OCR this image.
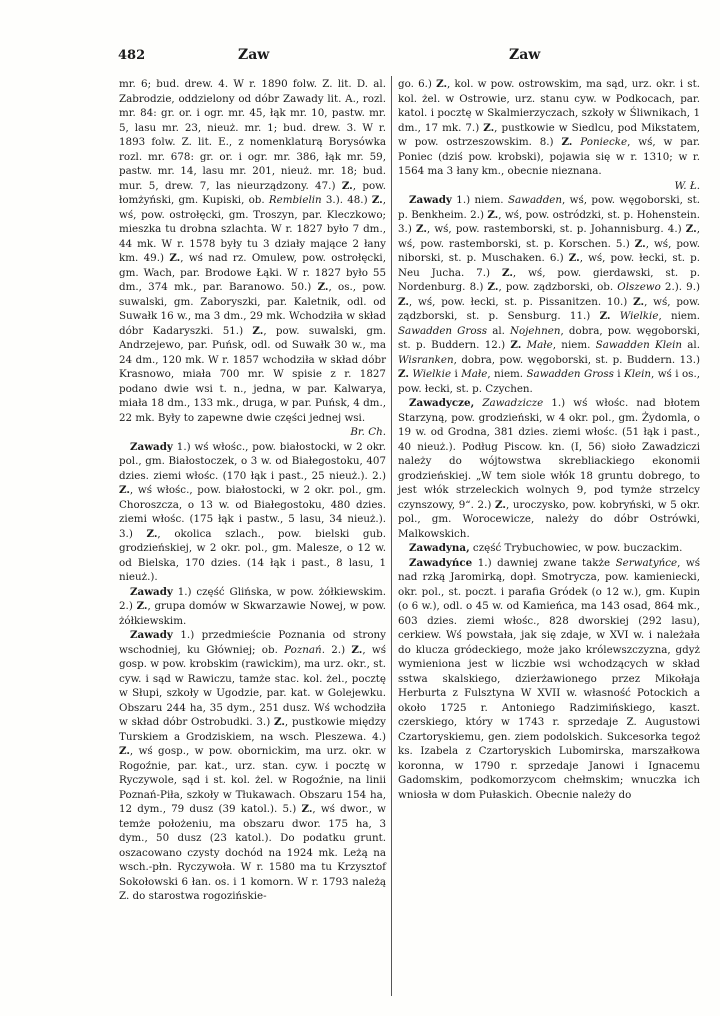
482	Zaw	Zaw

mr. 6; bud. drew. 4. W r. 1890 folw. Z. lit. D. al. Zabrodzie, oddzielony od dóbr Zawady lit. A., rozl. mr. 84: gr. or. i ogr. mr. 45, łąk mr. 10, pastw. mr. 5, lasu mr. 23, nieuż. mr. 1; bud. drew. 3. W r. 1893 folw. Z. lit. E., z nomenklaturą Borysówka rozl. mr. 678: gr. or. i ogr. mr. 386, łąk mr. 59, pastw. mr. 14, lasu mr. 201, nieuż. mr. 18; bud. mur. 5, drew. 7, las nieurządzony. 47.) Z., pow. łomżyński, gm. Kupiski, ob. Rembielin 3.). 48.) Z., wś, pow. ostrołęcki, gm. Troszyn, par. Kleczkowo; mieszka tu drobna szlachta. W r. 1827 było 7 dm., 44 mk. W r. 1578 były tu 3 działy mające 2 łany km. 49.) Z., wś nad rz. Omulew, pow. ostrołęcki, gm. Wach, par. Brodowe Łąki. W r. 1827 było 55 dm., 374 mk., par. Baranowo. 50.) Z., os., pow. suwalski, gm. Zaboryszki, par. Kaletnik, odl. od Suwałk 16 w., ma 3 dm., 29 mk. Wchodziła w skład dóbr Kadaryszki. 51.) Z., pow. suwalski, gm. Andrzejewo, par. Puńsk, odl. od Suwałk 30 w., ma 24 dm., 120 mk. W r. 1857 wchodziła w skład dóbr Krasnowo, miała 700 mr. W spisie z r. 1827 podano dwie wsi t. n., jedna, w par. Kalwarya, miała 18 dm., 133 mk., druga, w par. Puńsk, 4 dm., 22 mk. Były to zapewne dwie części jednej wsi.

Br. Ch.

Zawady 1.) wś włośc., pow. białostocki, w 2 okr. pol., gm. Białostoczek, o 3 w. od Białegostoku, 407 dzies. ziemi włośc. (170 łąk i past., 25 nieuż.). 2.) Z., wś włośc., pow. białostocki, w 2 okr. pol., gm. Choroszcza, o 13 w. od Białegostoku, 480 dzies. ziemi włośc. (175 łąk i pastw., 5 lasu, 34 nieuż.). 3.) Z., okolica szlach., pow. bielski gub. grodzieńskiej, w 2 okr. pol., gm. Malesze, o 12 w. od Bielska, 170 dzies. (14 łąk i past., 8 lasu, 1 nieuż.).

Zawady 1.) część Glińska, w pow. żółkiewskim. 2.) Z., grupa domów w Skwarzawie Nowej, w pow. żółkiewskim.

Zawady 1.) przedmieście Poznania od strony wschodniej, ku Główniej; ob. Poznań. 2.) Z., wś gosp. w pow. krobskim (rawickim), ma urz. okr., st. cyw. i sąd w Rawiczu, tamże stac. kol. żel., pocztę w Słupi, szkoły w Ugodzie, par. kat. w Golejewku. Obszaru 244 ha, 35 dym., 251 dusz. Wś wchodziła w skład dóbr Ostrobudki. 3.) Z., pustkowie między Turskiem a Grodziskiem, na wsch. Pleszewa. 4.) Z., wś gosp., w pow. obornickim, ma urz. okr. w Rogoźnie, par. kat., urz. stan. cyw. i pocztę w Ryczywole, sąd i st. kol. żel. w Rogoźnie, na linii Poznań-Piła, szkoły w Tłukawach. Obszaru 154 ha, 12 dym., 79 dusz (39 katol.). 5.) Z., wś dwor., w temże położeniu, ma obszaru dwor. 175 ha, 3 dym., 50 dusz (23 katol.). Do podatku grunt. oszacowano czysty dochód na 1924 mk. Leżą na wsch.-płn. Ryczywoła. W r. 1580 ma tu Krzysztof Sokołowski 6 łan. os. i 1 komorn. W r. 1793 należą Z. do starostwa rogozińskie-

go. 6.) Z., kol. w pow. ostrowskim, ma sąd, urz. okr. i st. kol. żel. w Ostrowie, urz. stanu cyw. w Podkocach, par. katol. i pocztę w Skalmierzyczach, szkoły w Śliwnikach, 1 dm., 17 mk. 7.) Z., pustkowie w Siedlcu, pod Mikstatem, w pow. ostrzeszowskim. 8.) Z. Poniecke, wś, w par. Poniec (dziś pow. krobski), pojawia się w r. 1310; w r. 1564 ma 3 łany km., obecnie nieznana.

W. Ł.

Zawady 1.) niem. Sawadden, wś, pow. węgoborski, st. p. Benkheim. 2.) Z., wś, pow. ostródzki, st. p. Hohenstein. 3.) Z., wś, pow. rastemborski, st. p. Johannisburg. 4.) Z., wś, pow. rastemborski, st. p. Korschen. 5.) Z., wś, pow. niborski, st. p. Muschaken. 6.) Z., wś, pow. łecki, st. p. Neu Jucha. 7.) Z., wś, pow. gierdawski, st. p. Nordenburg. 8.) Z., pow. ządzborski, ob. Olszewo 2.). 9.) Z., wś, pow. łecki, st. p. Pissanitzen. 10.) Z., wś, pow. ządzborski, st. p. Sensburg. 11.) Z. Wielkie, niem. Sawadden Gross al. Nojehnen, dobra, pow. węgoborski, st. p. Buddern. 12.) Z. Małe, niem. Sawadden Klein al. Wisranken, dobra, pow. węgoborski, st. p. Buddern. 13.) Z. Wielkie i Małe, niem. Sawadden Gross i Klein, wś i os., pow. łecki, st. p. Czychen.

Zawadycze, Zawadzicze 1.) wś włośc. nad błotem Starzyną, pow. grodzieński, w 4 okr. pol., gm. Żydomla, o 19 w. od Grodna, 381 dzies. ziemi włośc. (51 łąk i past., 40 nieuż.). Podług Piscow. kn. (I, 56) sioło Zawadziczi należy do wójtowstwa skrebliackiego ekonomii grodzieńskiej. „W tem siole włók 18 gruntu dobrego, to jest włók strzeleckich wolnych 9, pod tymże strzelcy czynszowy, 9“. 2.) Z., uroczysko, pow. kobryński, w 5 okr. pol., gm. Worocewicze, należy do dóbr Ostrówki, Malkowskich.

Zawadyna, część Trybuchowiec, w pow. buczackim.

Zawadyńce 1.) dawniej zwane także Serwatyńce, wś nad rzką Jaromirką, dopł. Smotrycza, pow. kamieniecki, okr. pol., st. poczt. i parafia Gródek (o 12 w.), gm. Kupin (o 6 w.), odl. o 45 w. od Kamieńca, ma 143 osad, 864 mk., 603 dzies. ziemi włośc., 828 dworskiej (292 lasu), cerkiew. Wś powstała, jak się zdaje, w XVI w. i należała do klucza gródeckiego, może jako królewszczyzna, gdyż wymieniona jest w liczbie wsi wchodzących w skład sstwa skalskiego, dzierżawionego przez Mikołaja Herburta z Fulsztyna W XVII w. własność Potockich a około 1725 r. Antoniego Radzimińskiego, kaszt. czerskiego, który w 1743 r. sprzedaje Z. Augustowi Czartoryskiemu, gen. ziem podolskich. Sukcesorka tegoż ks. Izabela z Czartoryskich Lubomirska, marszałkowa koronna, w 1790 r. sprzedaje Janowi i Ignacemu Gadomskim, podkomorzycom chełmskim; wnuczka ich wniosła w dom Pułaskich. Obecnie należy do
